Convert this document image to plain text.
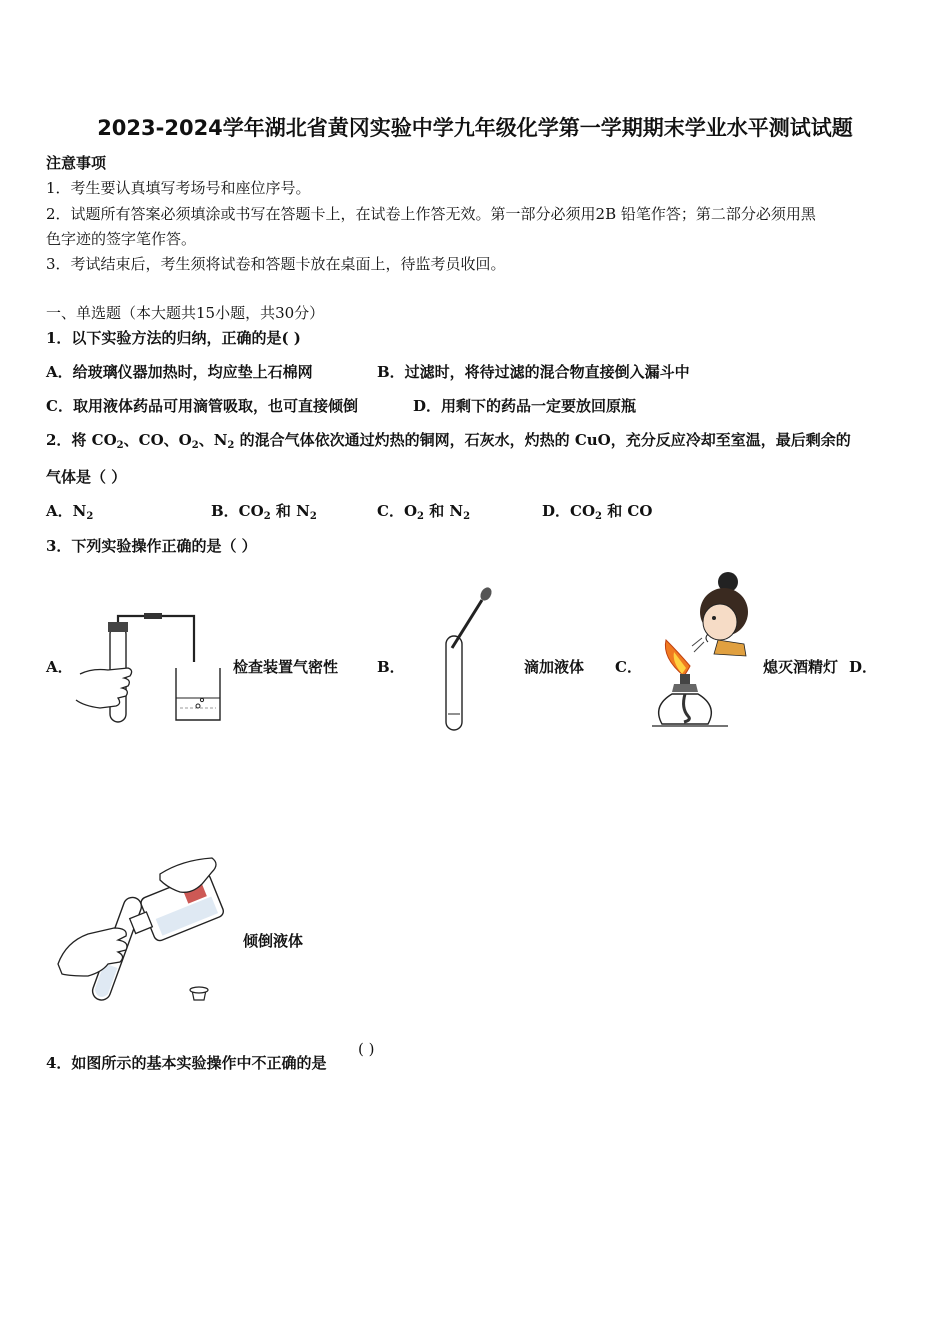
2023-2024学年湖北省黄冈实验中学九年级化学第一学期期末学业水平测试试题
注意事项
1．考生要认真填写考场号和座位序号。
2．试题所有答案必须填涂或书写在答题卡上，在试卷上作答无效。第一部分必须用2B 铅笔作答；第二部分必须用黑
色字迹的签字笔作答。
3．考试结束后，考生须将试卷和答题卡放在桌面上，待监考员收回。
一、单选题（本大题共15小题，共30分）
1．以下实验方法的归纳，正确的是( )
A．给玻璃仪器加热时，均应垫上石棉网	B．过滤时，将待过滤的混合物直接倒入漏斗中
C．取用液体药品可用滴管吸取，也可直接倾倒	D．用剩下的药品一定要放回原瓶
2．将 $CO_2$、CO、$O_2$、$N_2$ 的混合气体依次通过灼热的铜网，石灰水，灼热的 CuO，充分反应冷却至室温，最后剩余的
气体是（ ）
A．$N_2$	B．$CO_2$ 和 $N_2$	C．$O_2$ 和 $N_2$	D．$CO_2$ 和 CO
3．下列实验操作正确的是（ ）
A．	检查装置气密性	B．	滴加液体 C．	熄灭酒精灯 D．
倾倒液体
4．如图所示的基本实验操作中不正确的是
( )
